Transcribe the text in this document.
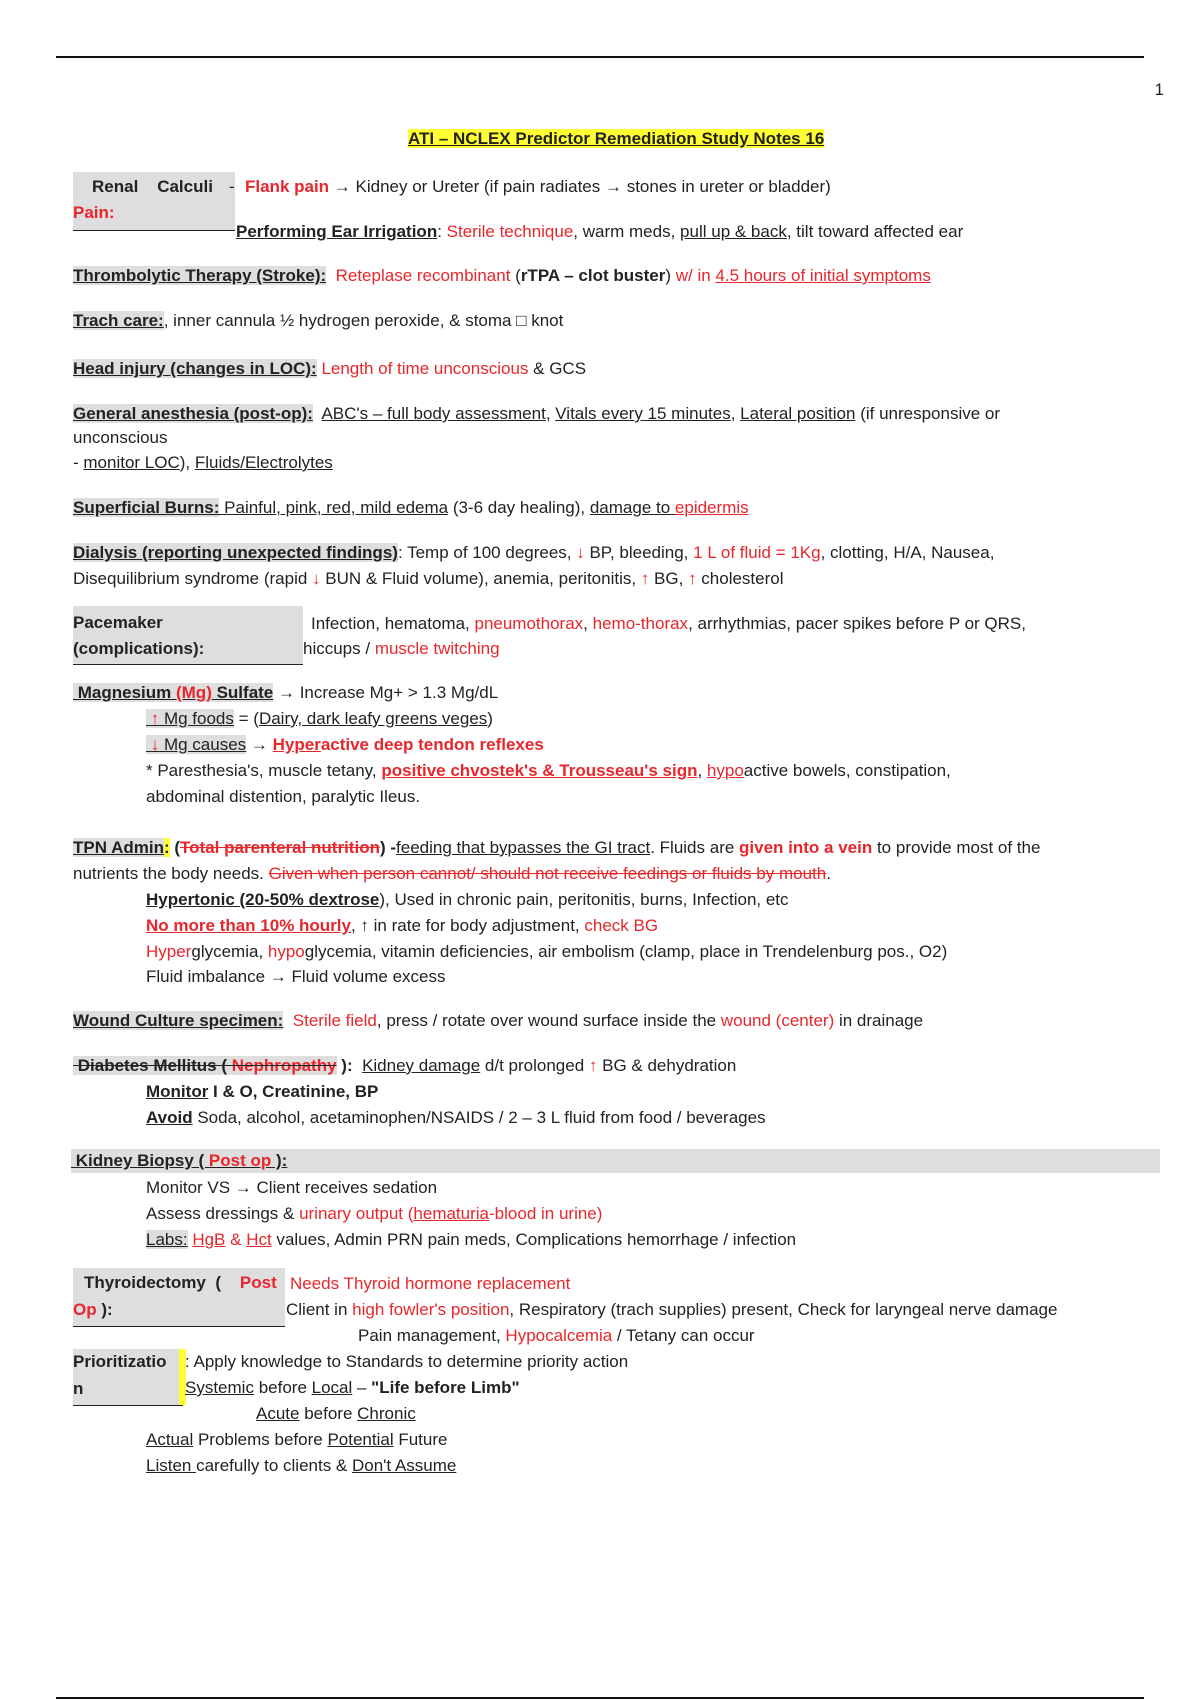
1
ATI – NCLEX Predictor Remediation Study Notes 16
Renal Calculi -
Pain:
Flank pain → Kidney or Ureter (if pain radiates → stones in ureter or bladder)
Performing Ear Irrigation: Sterile technique, warm meds, pull up & back, tilt toward affected ear
Thrombolytic Therapy (Stroke): Reteplase recombinant (rTPA – clot buster) w/ in 4.5 hours of initial symptoms
Trach care:, inner cannula ½ hydrogen peroxide, & stoma □ knot
Head injury (changes in LOC): Length of time unconscious & GCS
General anesthesia (post-op): ABC's – full body assessment, Vitals every 15 minutes, Lateral position (if unresponsive or
unconscious
- monitor LOC), Fluids/Electrolytes
Superficial Burns: Painful, pink, red, mild edema (3-6 day healing), damage to epidermis
Dialysis (reporting unexpected findings): Temp of 100 degrees, ↓ BP, bleeding, 1 L of fluid = 1Kg, clotting, H/A, Nausea,
Disequilibrium syndrome (rapid ↓ BUN & Fluid volume), anemia, peritonitis, ↑ BG, ↑ cholesterol
Pacemaker
(complications):
Infection, hematoma, pneumothorax, hemo-thorax, arrhythmias, pacer spikes before P or QRS,
hiccups / muscle twitching
Magnesium (Mg) Sulfate → Increase Mg+ > 1.3 Mg/dL
↑ Mg foods = (Dairy, dark leafy greens veges)
↓ Mg causes → Hyperactive deep tendon reflexes
* Paresthesia's, muscle tetany, positive chvostek's & Trousseau's sign, hypoactive bowels, constipation,
abdominal distention, paralytic Ileus.
TPN Admin: (Total parenteral nutrition) -feeding that bypasses the GI tract. Fluids are given into a vein to provide most of the
nutrients the body needs. Given when person cannot/ should not receive feedings or fluids by mouth.
Hypertonic (20-50% dextrose), Used in chronic pain, peritonitis, burns, Infection, etc
No more than 10% hourly, ↑ in rate for body adjustment, check BG
Hyperglycemia, hypoglycemia, vitamin deficiencies, air embolism (clamp, place in Trendelenburg pos., O2)
Fluid imbalance → Fluid volume excess
Wound Culture specimen: Sterile field, press / rotate over wound surface inside the wound (center) in drainage
Diabetes Mellitus ( Nephropathy ): Kidney damage d/t prolonged ↑ BG & dehydration
Monitor I & O, Creatinine, BP
Avoid Soda, alcohol, acetaminophen/NSAIDS / 2 – 3 L fluid from food / beverages
Kidney Biopsy ( Post op ):
Monitor VS → Client receives sedation
Assess dressings & urinary output (hematuria-blood in urine)
Labs: HgB & Hct values, Admin PRN pain meds, Complications hemorrhage / infection
Thyroidectomy ( Post
Op ):
Needs Thyroid hormone replacement
Client in high fowler's position, Respiratory (trach supplies) present, Check for laryngeal nerve damage
Pain management, Hypocalcemia / Tetany can occur
Prioritizatio
n
: Apply knowledge to Standards to determine priority action
Systemic before Local – "Life before Limb"
Acute before Chronic
Actual Problems before Potential Future
Listen carefully to clients & Don't Assume
